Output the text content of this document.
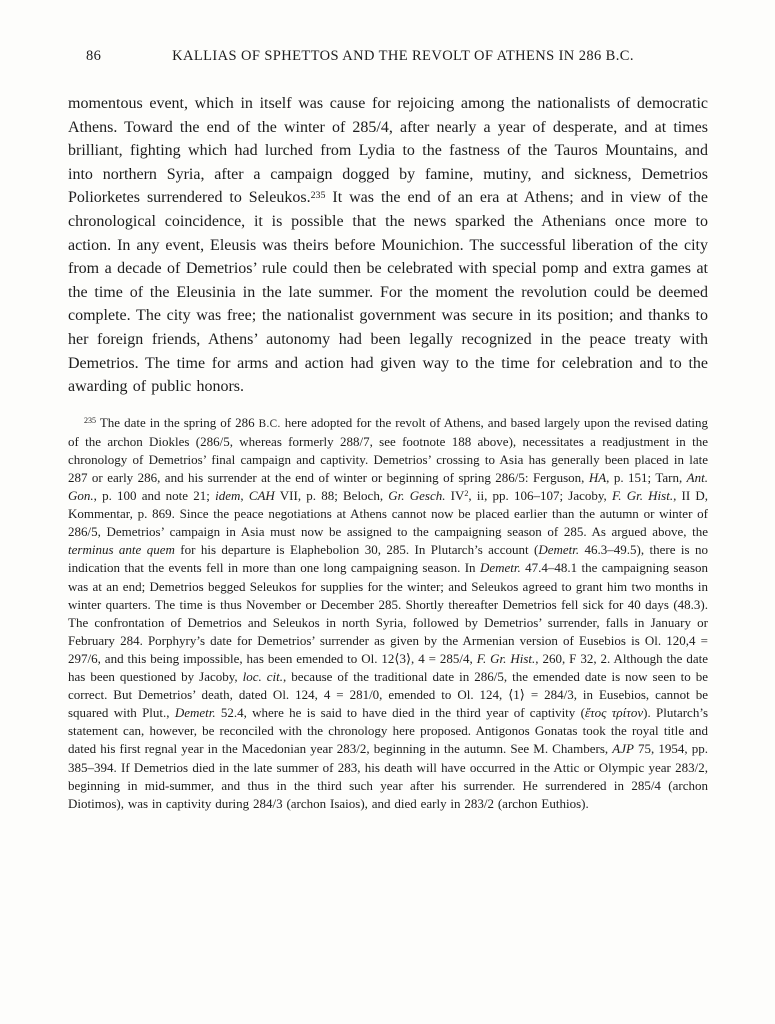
86	KALLIAS OF SPHETTOS AND THE REVOLT OF ATHENS IN 286 B.C.

momentous event, which in itself was cause for rejoicing among the nationalists of democratic Athens. Toward the end of the winter of 285/4, after nearly a year of desperate, and at times brilliant, fighting which had lurched from Lydia to the fastness of the Tauros Mountains, and into northern Syria, after a campaign dogged by famine, mutiny, and sickness, Demetrios Poliorketes surrendered to Seleukos.$^{235}$ It was the end of an era at Athens; and in view of the chronological coincidence, it is possible that the news sparked the Athenians once more to action. In any event, Eleusis was theirs before Mounichion. The successful liberation of the city from a decade of Demetrios’ rule could then be celebrated with special pomp and extra games at the time of the Eleusinia in the late summer. For the moment the revolution could be deemed complete. The city was free; the nationalist government was secure in its position; and thanks to her foreign friends, Athens’ autonomy had been legally recognized in the peace treaty with Demetrios. The time for arms and action had given way to the time for celebration and to the awarding of public honors.

$^{235}$ The date in the spring of 286 B.C. here adopted for the revolt of Athens, and based largely upon the revised dating of the archon Diokles (286/5, whereas formerly 288/7, see footnote 188 above), necessitates a readjustment in the chronology of Demetrios’ final campaign and captivity. Demetrios’ crossing to Asia has generally been placed in late 287 or early 286, and his surrender at the end of winter or beginning of spring 286/5: Ferguson, HA, p. 151; Tarn, Ant. Gon., p. 100 and note 21; idem, CAH VII, p. 88; Beloch, Gr. Gesch. $IV^2$, ii, pp. 106–107; Jacoby, F. Gr. Hist., II D, Kommentar, p. 869. Since the peace negotiations at Athens cannot now be placed earlier than the autumn or winter of 286/5, Demetrios’ campaign in Asia must now be assigned to the campaigning season of 285. As argued above, the terminus ante quem for his departure is Elaphebolion 30, 285. In Plutarch’s account (Demetr. 46.3–49.5), there is no indication that the events fell in more than one long campaigning season. In Demetr. 47.4–48.1 the campaigning season was at an end; Demetrios begged Seleukos for supplies for the winter; and Seleukos agreed to grant him two months in winter quarters. The time is thus November or December 285. Shortly thereafter Demetrios fell sick for 40 days (48.3). The confrontation of Demetrios and Seleukos in north Syria, followed by Demetrios’ surrender, falls in January or February 284. Porphyry’s date for Demetrios’ surrender as given by the Armenian version of Eusebios is Ol. 120,4 = 297/6, and this being impossible, has been emended to Ol. 12⟨3⟩, 4 = 285/4, F. Gr. Hist., 260, F 32, 2. Although the date has been questioned by Jacoby, loc. cit., because of the traditional date in 286/5, the emended date is now seen to be correct. But Demetrios’ death, dated Ol. 124, 4 = 281/0, emended to Ol. 124, ⟨1⟩ = 284/3, in Eusebios, cannot be squared with Plut., Demetr. 52.4, where he is said to have died in the third year of captivity (ἔτος τρίτον). Plutarch’s statement can, however, be reconciled with the chronology here proposed. Antigonos Gonatas took the royal title and dated his first regnal year in the Macedonian year 283/2, beginning in the autumn. See M. Chambers, AJP 75, 1954, pp. 385–394. If Demetrios died in the late summer of 283, his death will have occurred in the Attic or Olympic year 283/2, beginning in mid-summer, and thus in the third such year after his surrender. He surrendered in 285/4 (archon Diotimos), was in captivity during 284/3 (archon Isaios), and died early in 283/2 (archon Euthios).
